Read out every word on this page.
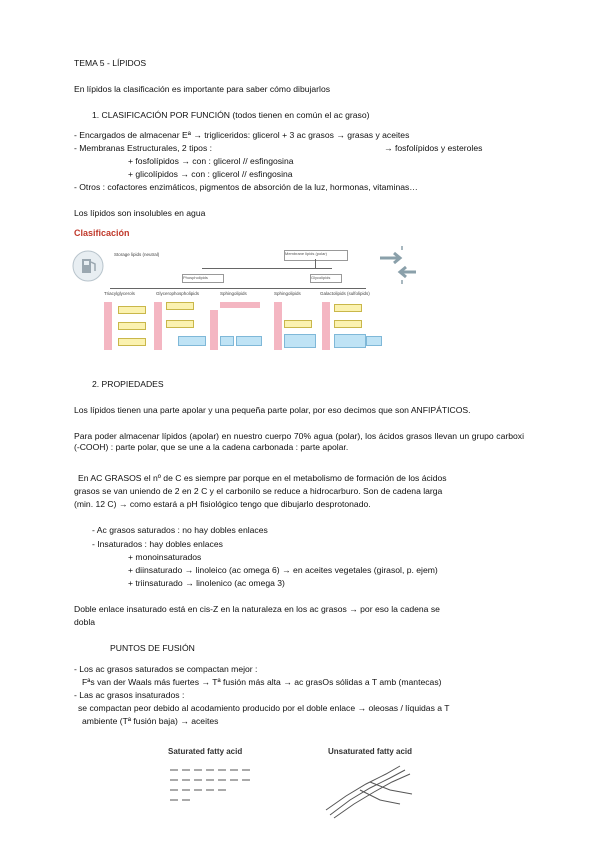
TEMA 5 - LÍPIDOS
En lípidos la clasificación es importante para saber cómo dibujarlos
1. CLASIFICACIÓN POR FUNCIÓN (todos tienen en común el ac graso)
- Encargados de almacenar Eª → trigliceridos: glicerol + 3 ac grasos → grasas y aceites
- Membranas Estructurales, 2 tipos :	→ fosfolípidos y esteroles
+ fosfolípidos → con : glicerol // esfingosina
+ glicolípidos → con : glicerol // esfingosina
- Otros : cofactores enzimáticos, pigmentos de absorción de la luz, hormonas, vitaminas…
Los lípidos son insolubles en agua
Clasificación
Storage lipids (neutral)	Membrane lipids (polar)
Phospholipids	Glycolipids
Triacylglycerols	Glycerophospholipids	Sphingolipids	Sphingolipids	Galactolipids (sulfolipids)
2. PROPIEDADES
Los lípidos tienen una parte apolar y una pequeña parte polar, por eso decimos que son ANFIPÁTICOS.
Para poder almacenar lípidos (apolar) en nuestro cuerpo 70% agua (polar), los ácidos grasos llevan un grupo carboxi (-COOH) : parte polar, que se une a la cadena carbonada : parte apolar.
En AC GRASOS el nº de C es siempre par porque en el metabolismo de formación de los ácidos
grasos se van uniendo de 2 en 2 C y el carbonilo se reduce a hidrocarburo. Son de cadena larga
(min. 12 C) → como estará a pH fisiológico tengo que dibujarlo desprotonado.
- Ac grasos saturados : no hay dobles enlaces
- Insaturados : hay dobles enlaces
+ monoinsaturados
+ diinsaturado → linoleico (ac omega 6) → en aceites vegetales (girasol, p. ejem)
+ triinsaturado → linolenico (ac omega 3)
Doble enlace insaturado está en cis-Z en la naturaleza en los ac grasos → por eso la cadena se
dobla
PUNTOS DE FUSIÓN
- Los ac grasos saturados se compactan mejor :
Fªs van der Waals más fuertes → Tª fusión más alta → ac grasOs sólidas a T amb (mantecas)
- Las ac grasos insaturados :
se compactan peor debido al acodamiento producido por el doble enlace → oleosas / líquidas a T
ambiente (Tª fusión baja) → aceites
Saturated fatty acid	Unsaturated fatty acid
